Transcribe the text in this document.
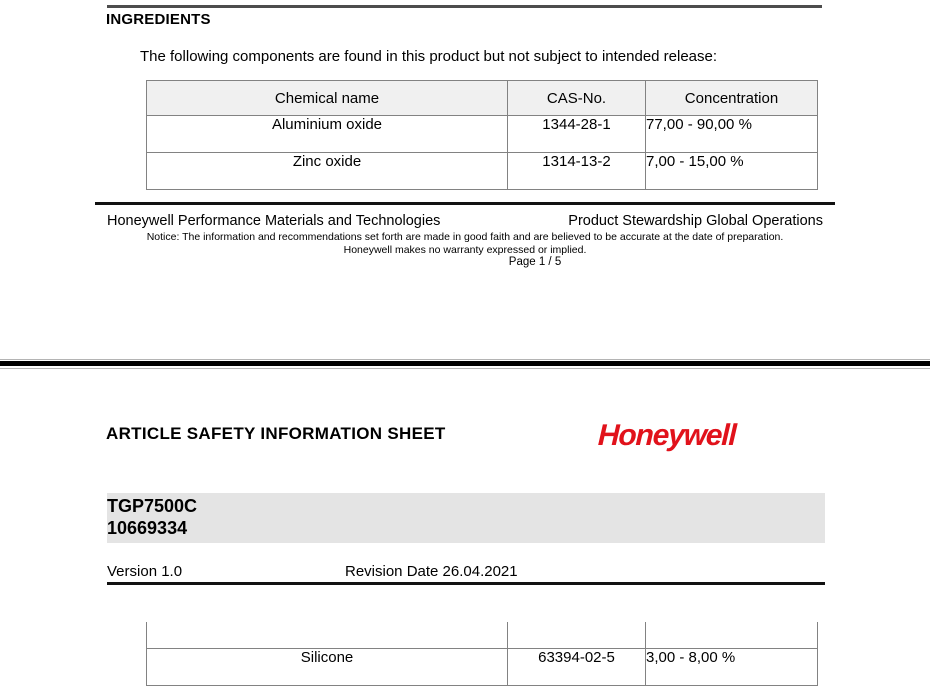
INGREDIENTS
The following components are found in this product but not subject to intended release:
Chemical name	CAS-No.	Concentration
Aluminium oxide	1344-28-1	77,00 - 90,00 %
Zinc oxide	1314-13-2	7,00 - 15,00 %
Honeywell Performance Materials and Technologies	Product Stewardship Global Operations
Notice: The information and recommendations set forth are made in good faith and are believed to be accurate at the date of preparation.
Honeywell makes no warranty expressed or implied.
Page 1 / 5
ARTICLE SAFETY INFORMATION SHEET	Honeywell
TGP7500C
10669334
Version 1.0	Revision Date 26.04.2021

Silicone	63394-02-5	3,00 - 8,00 %
